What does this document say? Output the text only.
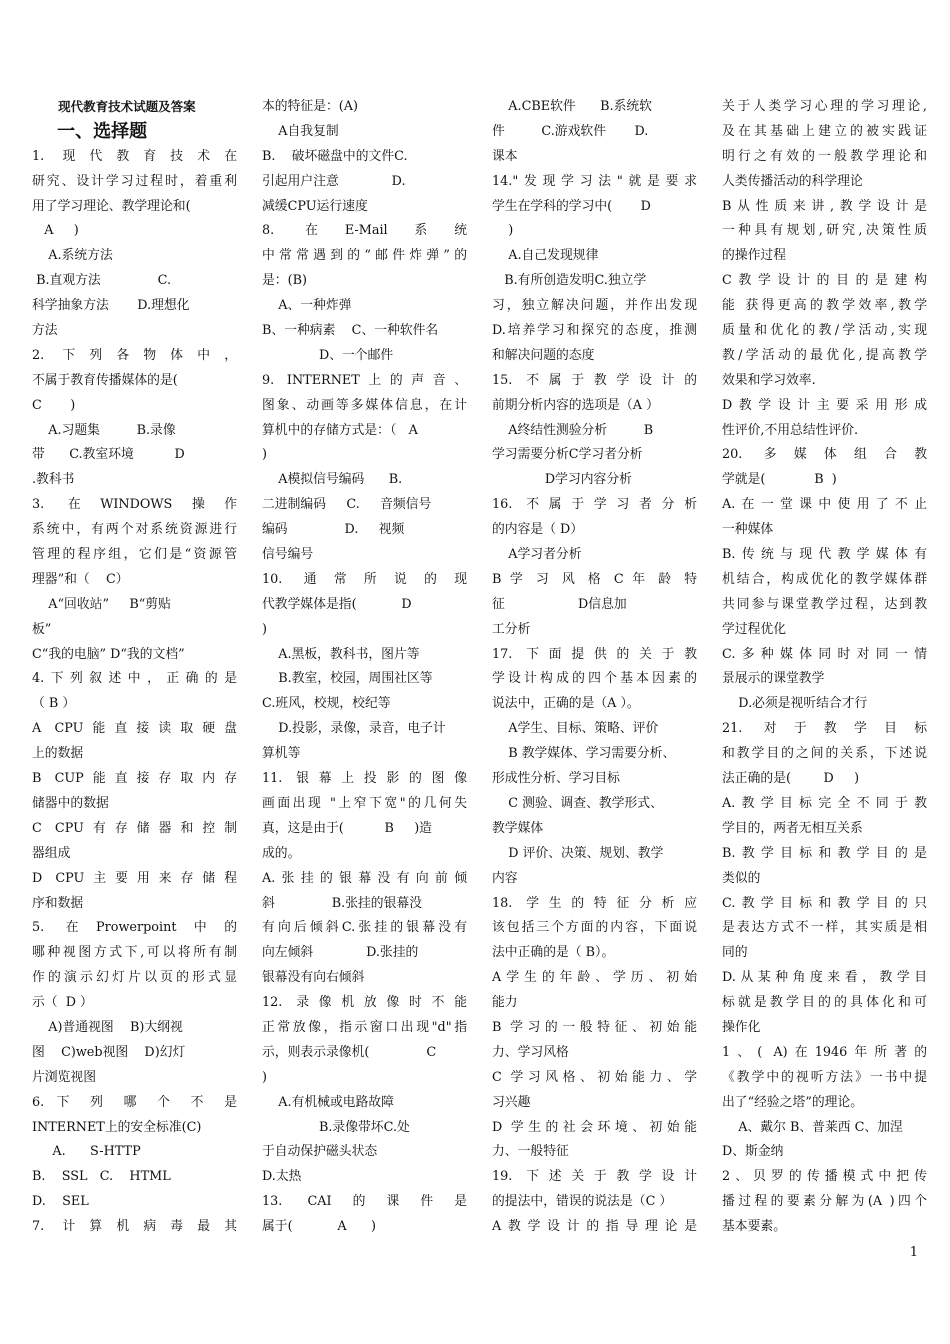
现代教育技术试题及答案
一、选择题
1. 现代教育技术在
研究、设计学习过程时，着重利
用了学习理论、教学理论和(
A     )
A.系统方法
B.直观方法              C.
科学抽象方法       D.理想化
方法
2. 下列各物体中，
不属于教育传播媒体的是(
C       )
A.习题集         B.录像
带      C.教室环境          D
.教科书
3. 在WINDOWS操作
系统中，有两个对系统资源进行
管理的程序组，它们是“资源管
理器”和（    C）
A“回收站”     B“剪贴
板”
C“我的电脑” D“我的文档”
4.下列叙述中，正确的是
（ B ）
A CPU能直接读取硬盘
上的数据
B CUP能直接存取内存
储器中的数据
C CPU有存储器和控制
器组成
D CPU主要用来存储程
序和数据
5. 在Prowerpoint中的
哪种视图方式下,可以将所有制
作的演示幻灯片以页的形式显
示（  D ）
A)普通视图    B)大纲视
图    C)web视图    D)幻灯
片浏览视图
6. 下 列 哪 个 不 是
INTERNET上的安全标准(C)
A.      S-HTTP
B.    SSL   C.    HTML
D.    SEL
7. 计算机病毒最其
本的特征是：(A)
A自我复制
B.    破坏磁盘中的文件C.
引起用户注意             D.
减缓CPU运行速度
8. 在E-Mail系统
中常常遇到的“邮件炸弹”的
是：(B)
A、一种炸弹
B、一种病素    C、一种软件名
D、一个邮件
9. INTERNET上的声音、
图象、动画等多媒体信息，在计
算机中的存储方式是：（   A
)
A模拟信号编码      B.
二进制编码     C.     音频信号
编码              D.     视频
信号编号
10. 通常所说的现
代教学媒体是指(           D
)
A.黑板，教科书，图片等
B.教室，校园，周围社区等
C.班风，校规，校纪等
D.投影，录像，录音，电子计
算机等
11. 银幕上投影的图像
画面出现 "上窄下宽"的几何失
真，这是由于(          B     )造
成的。
A.张挂的银幕没有向前倾
斜              B.张挂的银幕没
有向后倾斜C.张挂的银幕没有
向左倾斜             D.张挂的
银幕没有向右倾斜
12. 录像机放像时不能
正常放像，指示窗口出现"d"指
示，则表示录像机(              C
)
A.有机械或电路故障
B.录像带坏C.处
于自动保护磁头状态
D.太热
13. CAI的课件是
属于(           A      )
A.CBE软件      B.系统软
件         C.游戏软件       D.
课本
14."发现学习法"就是要求
学生在学科的学习中(       D
)
A.自己发现规律
B.有所创造发明C.独立学
习，独立解决问题，并作出发现
D.培养学习和探究的态度，推测
和解决问题的态度
15. 不属于教学设计的
前期分析内容的选项是（A ）
A终结性测验分析         B
学习需要分析C学习者分析
D学习内容分析
16. 不属于学习者分析
的内容是（ D）
A学习者分析
B 学 习 风 格 C 年 龄 特
征                  D信息加
工分析
17. 下面提供的关于教
学设计构成的四个基本因素的
说法中，正确的是（A ）。
A学生、目标、策略、评价
B 教学媒体、学习需要分析、
形成性分析、学习目标
C 测验、调查、教学形式、
教学媒体
D 评价、决策、规划、教学
内容
18. 学生的特征分析应
该包括三个方面的内容，下面说
法中正确的是（ B）。
A学生的年龄、学历、初始
能力
B 学习的一般特征、初始能
力、学习风格
C 学习风格、初始能力、学
习兴趣
D 学生的社会环境、初始能
力、一般特征
19. 下述关于教学设计
的提法中，错误的说法是（C ）
A教学设计的指导理论是
关于人类学习心理的学习理论,
及在其基础上建立的被实践证
明行之有效的一般教学理论和
人类传播活动的科学理论
B从性质来讲,教学设计是
一种具有规划,研究,决策性质
的操作过程
C教学设计的目的是建构
能 获得更高的教学效率,教学
质量和优化的教/学活动,实现
教/学活动的最优化,提高教学
效果和学习效率.
D教学设计主要采用形成
性评价,不用总结性评价.
20. 多媒体组合教
学就是(            B  )
A.在一堂课中使用了不止
一种媒体
B.传统与现代教学媒体有
机结合，构成优化的教学媒体群
共同参与课堂教学过程，达到教
学过程优化
C.多种媒体同时对同一情
景展示的课堂教学
D.必须是视听结合才行
21. 对于教学目标
和教学目的之间的关系，下述说
法正确的是(        D     )
A.教学目标完全不同于教
学目的，两者无相互关系
B.教学目标和教学目的是
类似的
C.教学目标和教学目的只
是表达方式不一样，其实质是相
同的
D.从某种角度来看，教学目
标就是教学目的的具体化和可
操作化
1、( A)在1946年所著的
《教学中的视听方法》一书中提
出了“经验之塔”的理论。
A、戴尔 B、普莱西 C、加涅
D、斯金纳
2、贝罗的传播模式中把传
播过程的要素分解为(A )四个
基本要素。
1
